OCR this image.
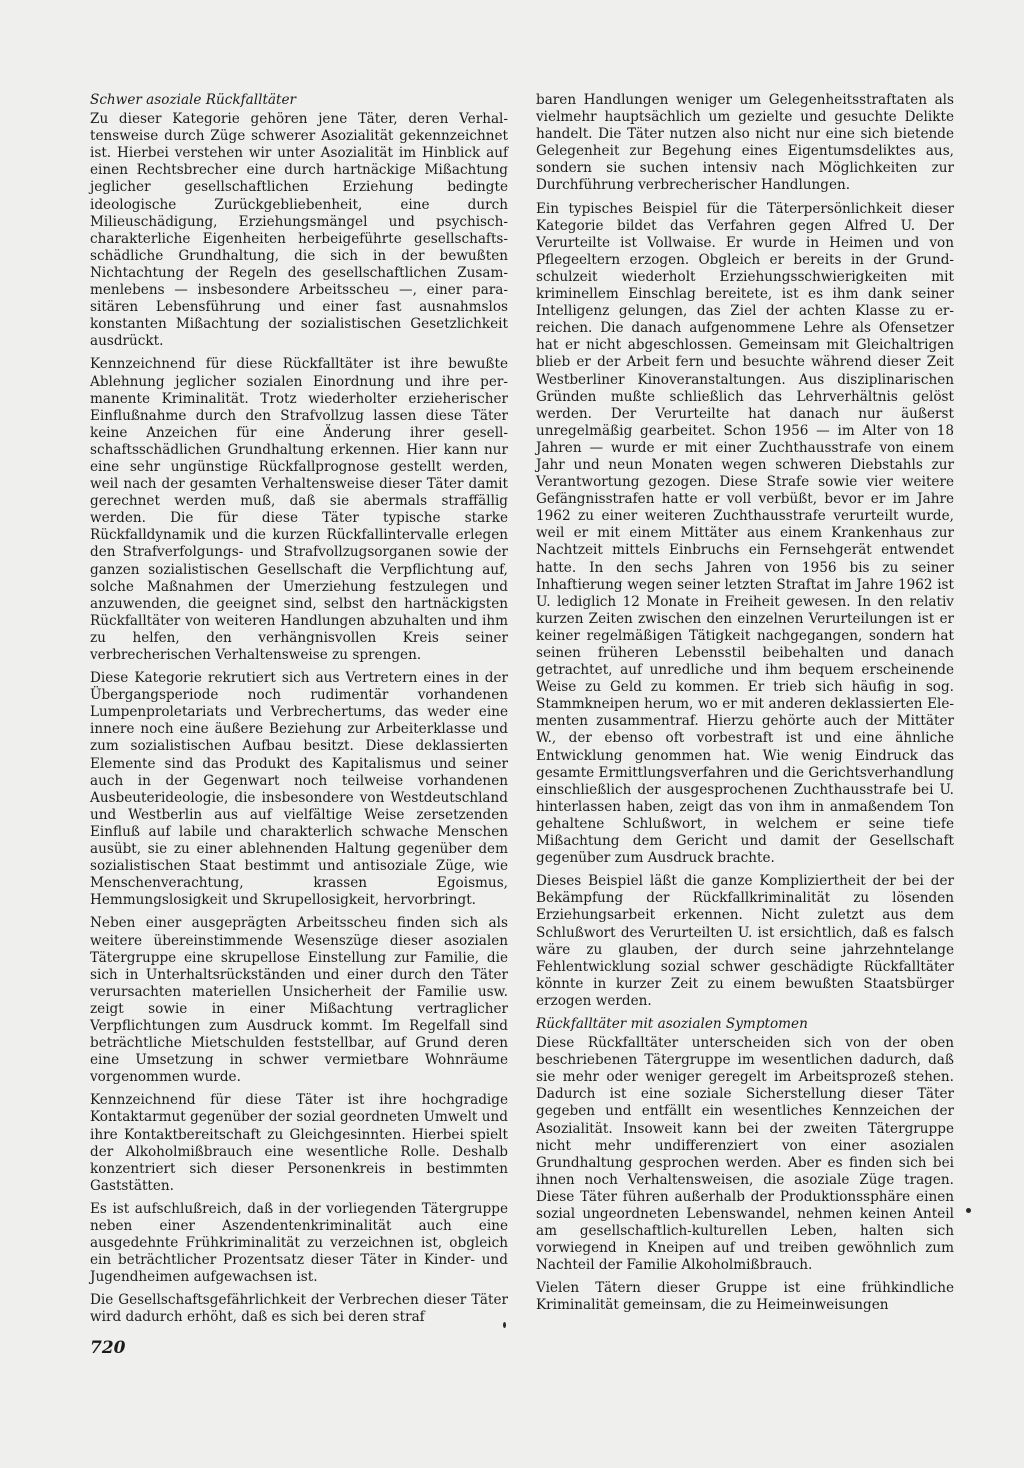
Schwer asoziale Rückfalltäter

Zu dieser Kategorie gehören jene Täter, deren Verhaltensweise durch Züge schwerer Asozialität gekennzeichnet ist. Hierbei verstehen wir unter Asozialität im Hinblick auf einen Rechtsbrecher eine durch hartnäckige Mißachtung jeglicher gesellschaftlichen Erziehung bedingte ideologische Zurückgebliebenheit, eine durch Milieuschädigung, Erziehungsmängel und psychisch-charakterliche Eigenheiten herbeigeführte gesellschaftsschädliche Grundhaltung, die sich in der bewußten Nichtachtung der Regeln des gesellschaftlichen Zusammenlebens — insbesondere Arbeitsscheu —, einer parasitären Lebensführung und einer fast ausnahmslos konstanten Mißachtung der sozialistischen Gesetzlichkeit ausdrückt.

Kennzeichnend für diese Rückfalltäter ist ihre bewußte Ablehnung jeglicher sozialen Einordnung und ihre permanente Kriminalität. Trotz wiederholter erzieherischer Einflußnahme durch den Strafvollzug lassen diese Täter keine Anzeichen für eine Änderung ihrer gesellschaftsschädlichen Grundhaltung erkennen. Hier kann nur eine sehr ungünstige Rückfallprognose gestellt werden, weil nach der gesamten Verhaltensweise dieser Täter damit gerechnet werden muß, daß sie abermals straffällig werden. Die für diese Täter typische starke Rückfalldynamik und die kurzen Rückfallintervalle erlegen den Strafverfolgungs- und Strafvollzugsorganen sowie der ganzen sozialistischen Gesellschaft die Verpflichtung auf, solche Maßnahmen der Umerziehung festzulegen und anzuwenden, die geeignet sind, selbst den hartnäckigsten Rückfalltäter von weiteren Handlungen abzuhalten und ihm zu helfen, den verhängnisvollen Kreis seiner verbrecherischen Verhaltensweise zu sprengen.

Diese Kategorie rekrutiert sich aus Vertretern eines in der Übergangsperiode noch rudimentär vorhandenen Lumpenproletariats und Verbrechertums, das weder eine innere noch eine äußere Beziehung zur Arbeiterklasse und zum sozialistischen Aufbau besitzt. Diese deklassierten Elemente sind das Produkt des Kapitalismus und seiner auch in der Gegenwart noch teilweise vorhandenen Ausbeuterideologie, die insbesondere von Westdeutschland und Westberlin aus auf vielfältige Weise zersetzenden Einfluß auf labile und charakterlich schwache Menschen ausübt, sie zu einer ablehnenden Haltung gegenüber dem sozialistischen Staat bestimmt und antisoziale Züge, wie Menschenverachtung, krassen Egoismus, Hemmungslosigkeit und Skrupellosigkeit, hervorbringt.

Neben einer ausgeprägten Arbeitsscheu finden sich als weitere übereinstimmende Wesenszüge dieser asozialen Tätergruppe eine skrupellose Einstellung zur Familie, die sich in Unterhaltsrückständen und einer durch den Täter verursachten materiellen Unsicherheit der Familie usw. zeigt sowie in einer Mißachtung vertraglicher Verpflichtungen zum Ausdruck kommt. Im Regelfall sind beträchtliche Mietschulden feststellbar, auf Grund deren eine Umsetzung in schwer vermietbare Wohnräume vorgenommen wurde.

Kennzeichnend für diese Täter ist ihre hochgradige Kontaktarmut gegenüber der sozial geordneten Umwelt und ihre Kontaktbereitschaft zu Gleichgesinnten. Hierbei spielt der Alkoholmißbrauch eine wesentliche Rolle. Deshalb konzentriert sich dieser Personenkreis in bestimmten Gaststätten.

Es ist aufschlußreich, daß in der vorliegenden Tätergruppe neben einer Aszendentenkriminalität auch eine ausgedehnte Frühkriminalität zu verzeichnen ist, obgleich ein beträchtlicher Prozentsatz dieser Täter in Kinder- und Jugendheimen aufgewachsen ist.

Die Gesellschaftsgefährlichkeit der Verbrechen dieser Täter wird dadurch erhöht, daß es sich bei deren straf

baren Handlungen weniger um Gelegenheitsstraftaten als vielmehr hauptsächlich um gezielte und gesuchte Delikte handelt. Die Täter nutzen also nicht nur eine sich bietende Gelegenheit zur Begehung eines Eigentumsdeliktes aus, sondern sie suchen intensiv nach Möglichkeiten zur Durchführung verbrecherischer Handlungen.

Ein typisches Beispiel für die Täterpersönlichkeit dieser Kategorie bildet das Verfahren gegen Alfred U. Der Verurteilte ist Vollwaise. Er wurde in Heimen und von Pflegeeltern erzogen. Obgleich er bereits in der Grundschulzeit wiederholt Erziehungsschwierigkeiten mit kriminellem Einschlag bereitete, ist es ihm dank seiner Intelligenz gelungen, das Ziel der achten Klasse zu erreichen. Die danach aufgenommene Lehre als Ofensetzer hat er nicht abgeschlossen. Gemeinsam mit Gleichaltrigen blieb er der Arbeit fern und besuchte während dieser Zeit Westberliner Kinoveranstaltungen. Aus disziplinarischen Gründen mußte schließlich das Lehrverhältnis gelöst werden. Der Verurteilte hat danach nur äußerst unregelmäßig gearbeitet. Schon 1956 — im Alter von 18 Jahren — wurde er mit einer Zuchthausstrafe von einem Jahr und neun Monaten wegen schweren Diebstahls zur Verantwortung gezogen. Diese Strafe sowie vier weitere Gefängnisstrafen hatte er voll verbüßt, bevor er im Jahre 1962 zu einer weiteren Zuchthausstrafe verurteilt wurde, weil er mit einem Mittäter aus einem Krankenhaus zur Nachtzeit mittels Einbruchs ein Fernsehgerät entwendet hatte. In den sechs Jahren von 1956 bis zu seiner Inhaftierung wegen seiner letzten Straftat im Jahre 1962 ist U. lediglich 12 Monate in Freiheit gewesen. In den relativ kurzen Zeiten zwischen den einzelnen Verurteilungen ist er keiner regelmäßigen Tätigkeit nachgegangen, sondern hat seinen früheren Lebensstil beibehalten und danach getrachtet, auf unredliche und ihm bequem erscheinende Weise zu Geld zu kommen. Er trieb sich häufig in sog. Stammkneipen herum, wo er mit anderen deklassierten Elementen zusammentraf. Hierzu gehörte auch der Mittäter W., der ebenso oft vorbestraft ist und eine ähnliche Entwicklung genommen hat. Wie wenig Eindruck das gesamte Ermittlungsverfahren und die Gerichtsverhandlung einschließlich der ausgesprochenen Zuchthausstrafe bei U. hinterlassen haben, zeigt das von ihm in anmaßendem Ton gehaltene Schlußwort, in welchem er seine tiefe Mißachtung dem Gericht und damit der Gesellschaft gegenüber zum Ausdruck brachte.

Dieses Beispiel läßt die ganze Kompliziertheit der bei der Bekämpfung der Rückfallkriminalität zu lösenden Erziehungsarbeit erkennen. Nicht zuletzt aus dem Schlußwort des Verurteilten U. ist ersichtlich, daß es falsch wäre zu glauben, der durch seine jahrzehntelange Fehlentwicklung sozial schwer geschädigte Rückfalltäter könnte in kurzer Zeit zu einem bewußten Staatsbürger erzogen werden.

Rückfalltäter mit asozialen Symptomen

Diese Rückfalltäter unterscheiden sich von der oben beschriebenen Tätergruppe im wesentlichen dadurch, daß sie mehr oder weniger geregelt im Arbeitsprozeß stehen. Dadurch ist eine soziale Sicherstellung dieser Täter gegeben und entfällt ein wesentliches Kennzeichen der Asozialität. Insoweit kann bei der zweiten Tätergruppe nicht mehr undifferenziert von einer asozialen Grundhaltung gesprochen werden. Aber es finden sich bei ihnen noch Verhaltensweisen, die asoziale Züge tragen. Diese Täter führen außerhalb der Produktionssphäre einen sozial ungeordneten Lebenswandel, nehmen keinen Anteil am gesellschaftlich-kulturellen Leben, halten sich vorwiegend in Kneipen auf und treiben gewöhnlich zum Nachteil der Familie Alkoholmißbrauch.

Vielen Tätern dieser Gruppe ist eine frühkindliche Kriminalität gemeinsam, die zu Heimeinweisungen

720
